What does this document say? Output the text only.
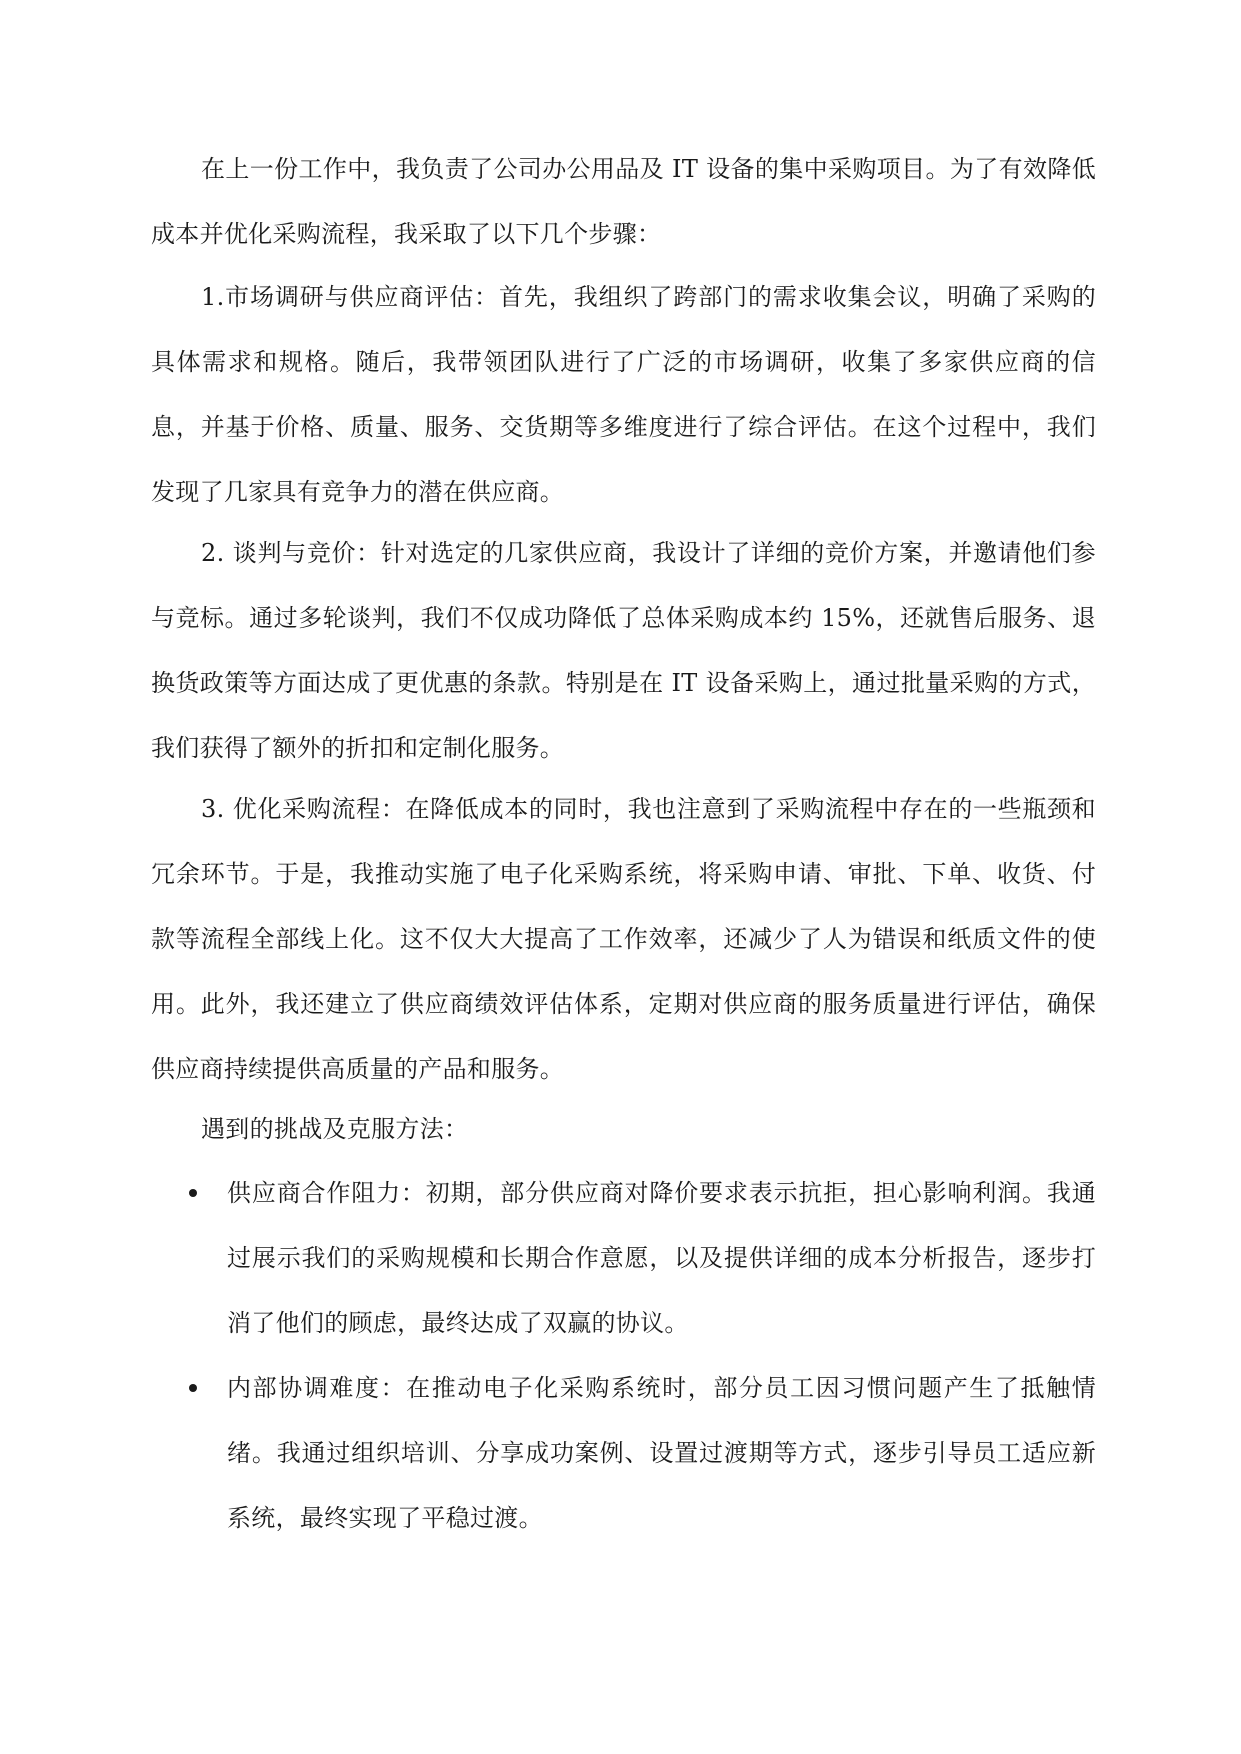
在上一份工作中，我负责了公司办公用品及 IT 设备的集中采购项目。为了有效降低成本并优化采购流程，我采取了以下几个步骤：

1.市场调研与供应商评估：首先，我组织了跨部门的需求收集会议，明确了采购的具体需求和规格。随后，我带领团队进行了广泛的市场调研，收集了多家供应商的信息，并基于价格、质量、服务、交货期等多维度进行了综合评估。在这个过程中，我们发现了几家具有竞争力的潜在供应商。

2. 谈判与竞价：针对选定的几家供应商，我设计了详细的竞价方案，并邀请他们参与竞标。通过多轮谈判，我们不仅成功降低了总体采购成本约 15%，还就售后服务、退换货政策等方面达成了更优惠的条款。特别是在 IT 设备采购上，通过批量采购的方式，我们获得了额外的折扣和定制化服务。

3. 优化采购流程：在降低成本的同时，我也注意到了采购流程中存在的一些瓶颈和冗余环节。于是，我推动实施了电子化采购系统，将采购申请、审批、下单、收货、付款等流程全部线上化。这不仅大大提高了工作效率，还减少了人为错误和纸质文件的使用。此外，我还建立了供应商绩效评估体系，定期对供应商的服务质量进行评估，确保供应商持续提供高质量的产品和服务。

遇到的挑战及克服方法：

供应商合作阻力：初期，部分供应商对降价要求表示抗拒，担心影响利润。我通过展示我们的采购规模和长期合作意愿，以及提供详细的成本分析报告，逐步打消了他们的顾虑，最终达成了双赢的协议。
内部协调难度：在推动电子化采购系统时，部分员工因习惯问题产生了抵触情绪。我通过组织培训、分享成功案例、设置过渡期等方式，逐步引导员工适应新系统，最终实现了平稳过渡。
